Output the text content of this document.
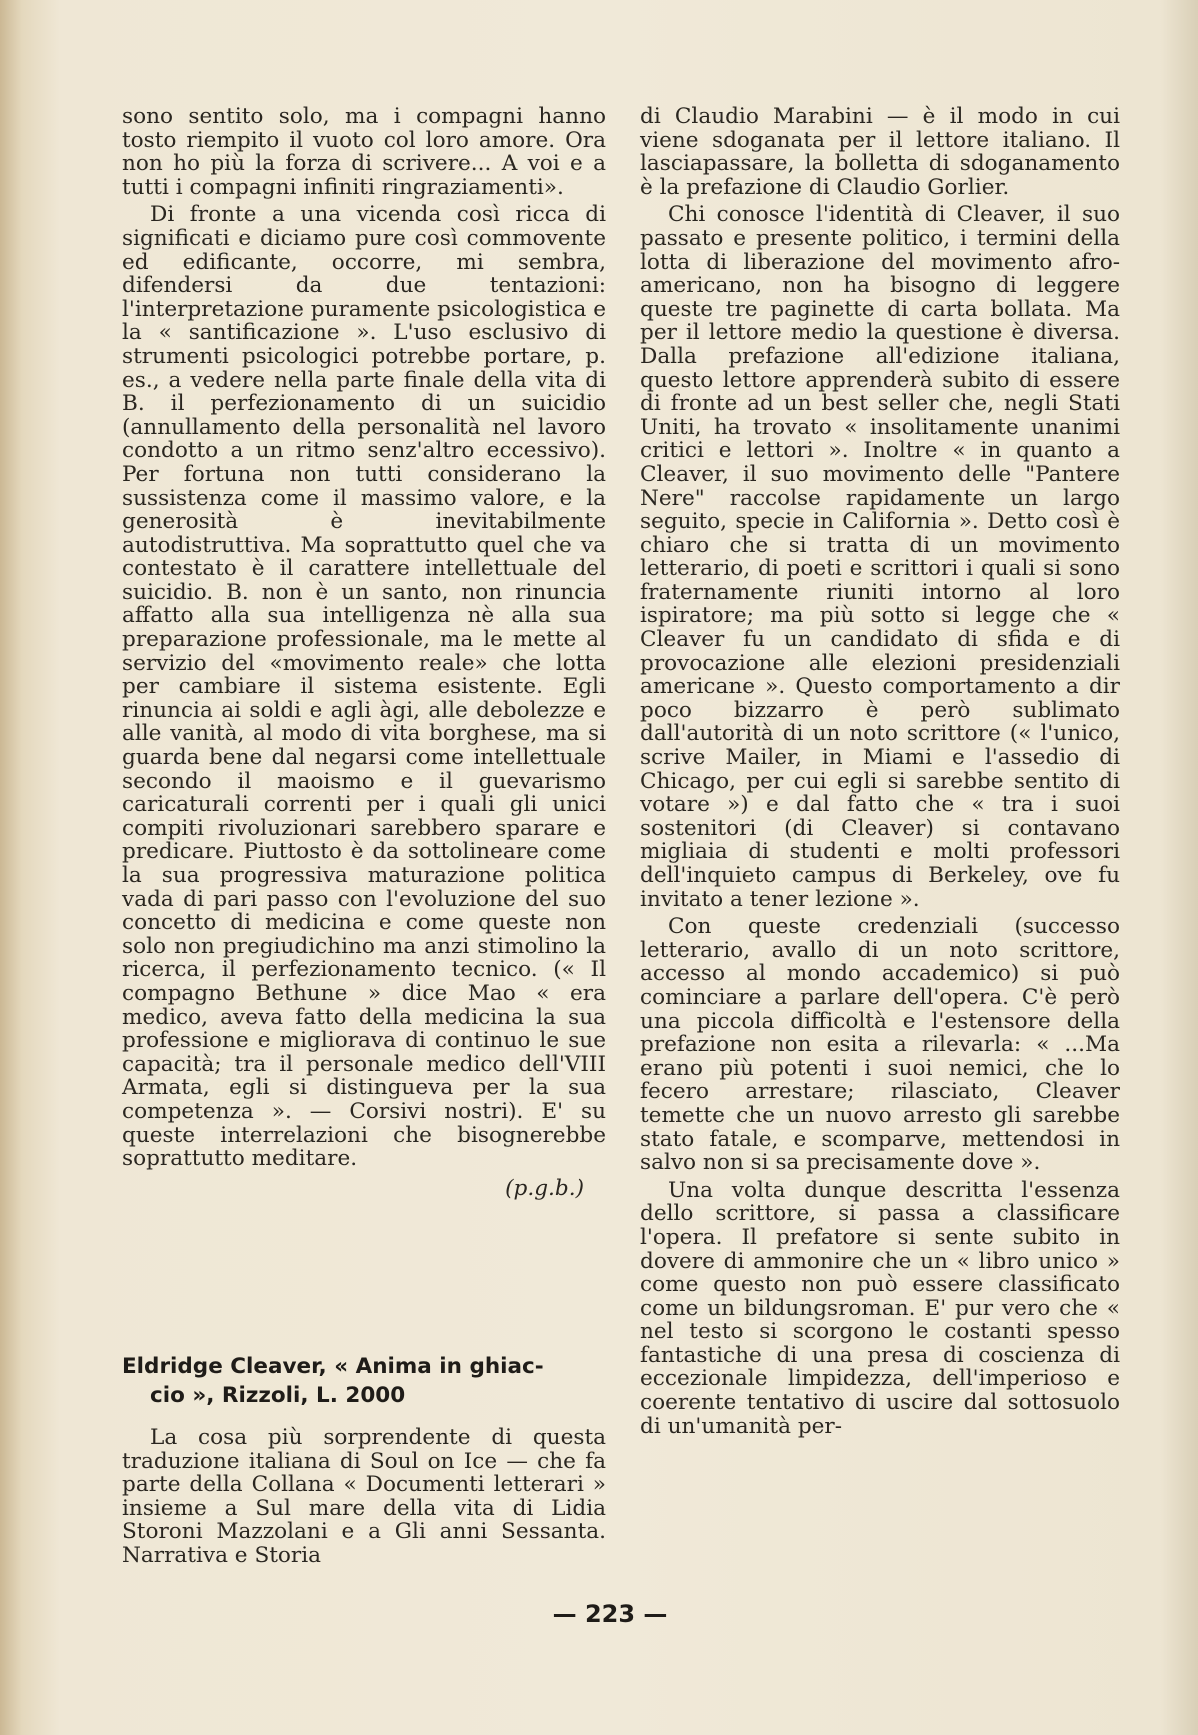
sono sentito solo, ma i compagni hanno tosto riempito il vuoto col loro amore. Ora non ho più la forza di scrivere... A voi e a tutti i compagni infiniti ringraziamenti».

Di fronte a una vicenda così ricca di significati e diciamo pure così commovente ed edificante, occorre, mi sembra, difendersi da due tentazioni: l'interpretazione puramente psicologistica e la « santificazione ». L'uso esclusivo di strumenti psicologici potrebbe portare, p. es., a vedere nella parte finale della vita di B. il perfezionamento di un suicidio (annullamento della personalità nel lavoro condotto a un ritmo senz'altro eccessivo). Per fortuna non tutti considerano la sussistenza come il massimo valore, e la generosità è inevitabilmente autodistruttiva. Ma soprattutto quel che va contestato è il carattere intellettuale del suicidio. B. non è un santo, non rinuncia affatto alla sua intelligenza nè alla sua preparazione professionale, ma le mette al servizio del «movimento reale» che lotta per cambiare il sistema esistente. Egli rinuncia ai soldi e agli àgi, alle debolezze e alle vanità, al modo di vita borghese, ma si guarda bene dal negarsi come intellettuale secondo il maoismo e il guevarismo caricaturali correnti per i quali gli unici compiti rivoluzionari sarebbero sparare e predicare. Piuttosto è da sottolineare come la sua progressiva maturazione politica vada di pari passo con l'evoluzione del suo concetto di medicina e come queste non solo non pregiudichino ma anzi stimolino la ricerca, il perfezionamento tecnico. (« Il compagno Bethune » dice Mao « era medico, aveva fatto della medicina la sua professione e migliorava di continuo le sue capacità; tra il personale medico dell'VIII Armata, egli si distingueva per la sua competenza ». — Corsivi nostri). E' su queste interrelazioni che bisognerebbe soprattutto meditare.

(p.g.b.)
Eldridge Cleaver, « Anima in ghiac-
cio », Rizzoli, L. 2000

La cosa più sorprendente di questa traduzione italiana di Soul on Ice — che fa parte della Collana « Documenti letterari » insieme a Sul mare della vita di Lidia Storoni Mazzolani e a Gli anni Sessanta. Narrativa e Storia

di Claudio Marabini — è il modo in cui viene sdoganata per il lettore italiano. Il lasciapassare, la bolletta di sdoganamento è la prefazione di Claudio Gorlier.

Chi conosce l'identità di Cleaver, il suo passato e presente politico, i termini della lotta di liberazione del movimento afro-americano, non ha bisogno di leggere queste tre paginette di carta bollata. Ma per il lettore medio la questione è diversa. Dalla prefazione all'edizione italiana, questo lettore apprenderà subito di essere di fronte ad un best seller che, negli Stati Uniti, ha trovato « insolitamente unanimi critici e lettori ». Inoltre « in quanto a Cleaver, il suo movimento delle "Pantere Nere" raccolse rapidamente un largo seguito, specie in California ». Detto così è chiaro che si tratta di un movimento letterario, di poeti e scrittori i quali si sono fraternamente riuniti intorno al loro ispiratore; ma più sotto si legge che « Cleaver fu un candidato di sfida e di provocazione alle elezioni presidenziali americane ». Questo comportamento a dir poco bizzarro è però sublimato dall'autorità di un noto scrittore (« l'unico, scrive Mailer, in Miami e l'assedio di Chicago, per cui egli si sarebbe sentito di votare ») e dal fatto che « tra i suoi sostenitori (di Cleaver) si contavano migliaia di studenti e molti professori dell'inquieto campus di Berkeley, ove fu invitato a tener lezione ».

Con queste credenziali (successo letterario, avallo di un noto scrittore, accesso al mondo accademico) si può cominciare a parlare dell'opera. C'è però una piccola difficoltà e l'estensore della prefazione non esita a rilevarla: « ...Ma erano più potenti i suoi nemici, che lo fecero arrestare; rilasciato, Cleaver temette che un nuovo arresto gli sarebbe stato fatale, e scomparve, mettendosi in salvo non si sa precisamente dove ».

Una volta dunque descritta l'essenza dello scrittore, si passa a classificare l'opera. Il prefatore si sente subito in dovere di ammonire che un « libro unico » come questo non può essere classificato come un bildungsroman. E' pur vero che « nel testo si scorgono le costanti spesso fantastiche di una presa di coscienza di eccezionale limpidezza, dell'imperioso e coerente tentativo di uscire dal sottosuolo di un'umanità per-

— 223 —
